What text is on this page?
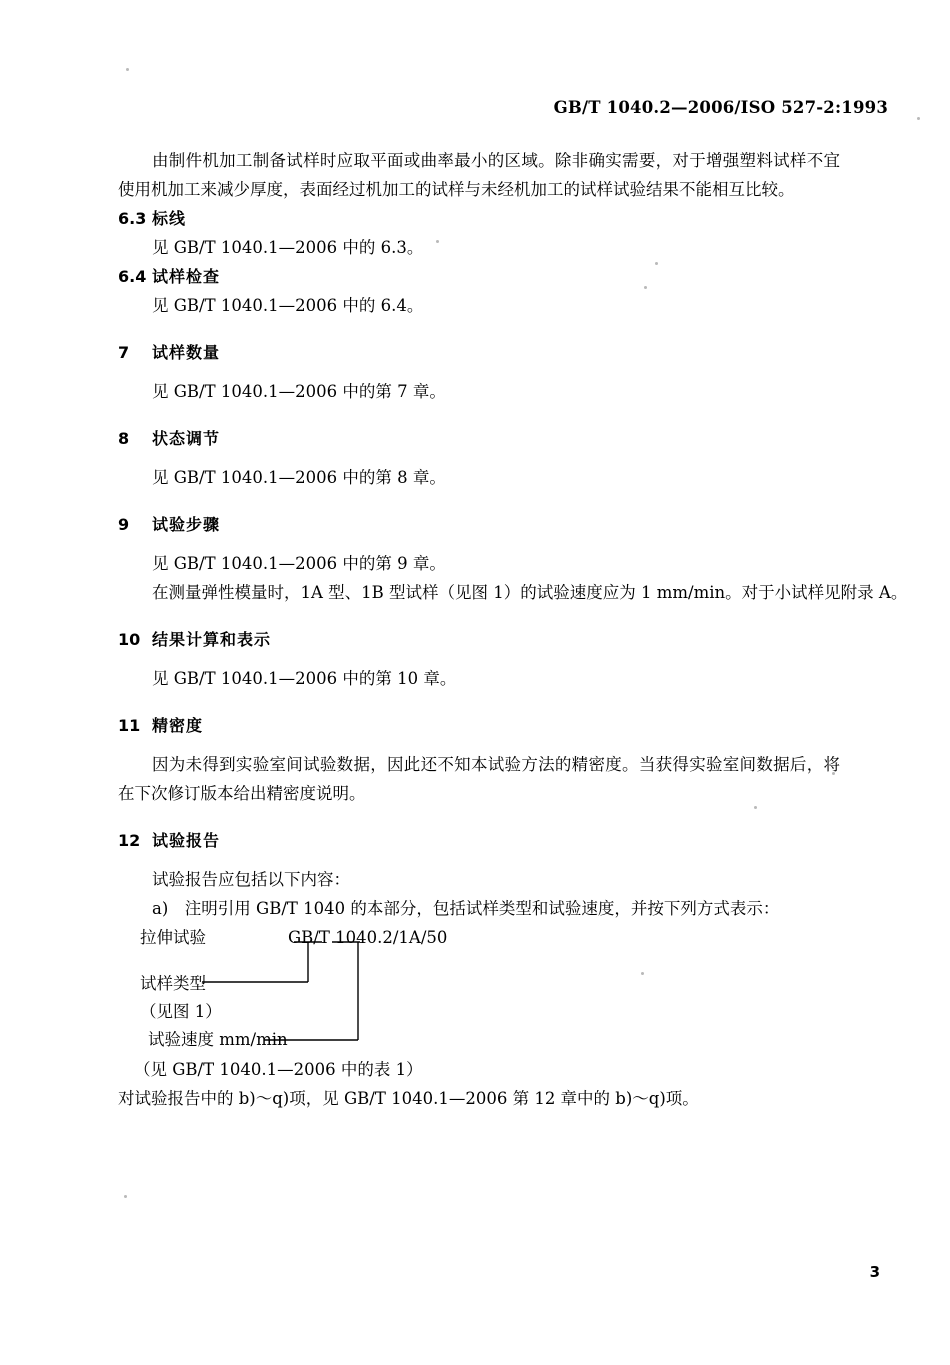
GB/T 1040.2—2006/ISO 527-2:1993

由制件机加工制备试样时应取平面或曲率最小的区域。除非确实需要，对于增强塑料试样不宜使用机加工来减少厚度，表面经过机加工的试样与未经机加工的试样试验结果不能相互比较。

6.3 标线

见 GB/T 1040.1—2006 中的 6.3。

6.4 试样检查

见 GB/T 1040.1—2006 中的 6.4。

7 试样数量

见 GB/T 1040.1—2006 中的第 7 章。

8 状态调节

见 GB/T 1040.1—2006 中的第 8 章。

9 试验步骤

见 GB/T 1040.1—2006 中的第 9 章。

在测量弹性模量时，1A 型、1B 型试样（见图 1）的试验速度应为 1 mm/min。对于小试样见附录 A。

10 结果计算和表示

见 GB/T 1040.1—2006 中的第 10 章。

11 精密度

因为未得到实验室间试验数据，因此还不知本试验方法的精密度。当获得实验室间数据后，将在下次修订版本给出精密度说明。

12 试验报告

试验报告应包括以下内容：

a)　注明引用 GB/T 1040 的本部分，包括试样类型和试验速度，并按下列方式表示：

拉伸试验	GB/T 1040.2/1A/50
试样类型
（见图 1）
试验速度 mm/min

（见 GB/T 1040.1—2006 中的表 1）

对试验报告中的 b)～q)项，见 GB/T 1040.1—2006 第 12 章中的 b)～q)项。

3
